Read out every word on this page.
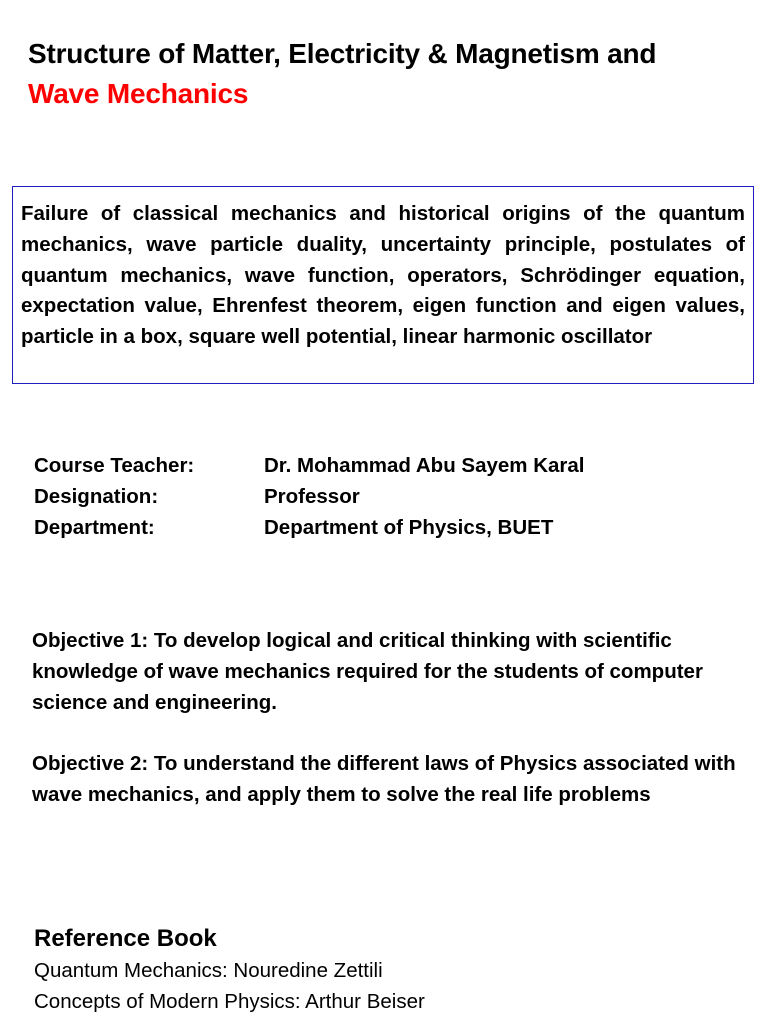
Structure of Matter, Electricity & Magnetism and
Wave Mechanics
Failure of classical mechanics and historical origins of the quantum mechanics, wave particle duality, uncertainty principle, postulates of quantum mechanics, wave function, operators, Schrödinger equation, expectation value, Ehrenfest theorem, eigen function and eigen values, particle in a box, square well potential, linear harmonic oscillator
Course Teacher:	Dr. Mohammad Abu Sayem Karal
Designation:	Professor
Department:	Department of Physics, BUET

Objective 1: To develop logical and critical thinking with scientific knowledge of wave mechanics required for the students of computer science and engineering.

Objective 2: To understand the different laws of Physics associated with wave mechanics, and apply them to solve the real life problems

Reference Book
Quantum Mechanics: Nouredine Zettili
Concepts of Modern Physics: Arthur Beiser
